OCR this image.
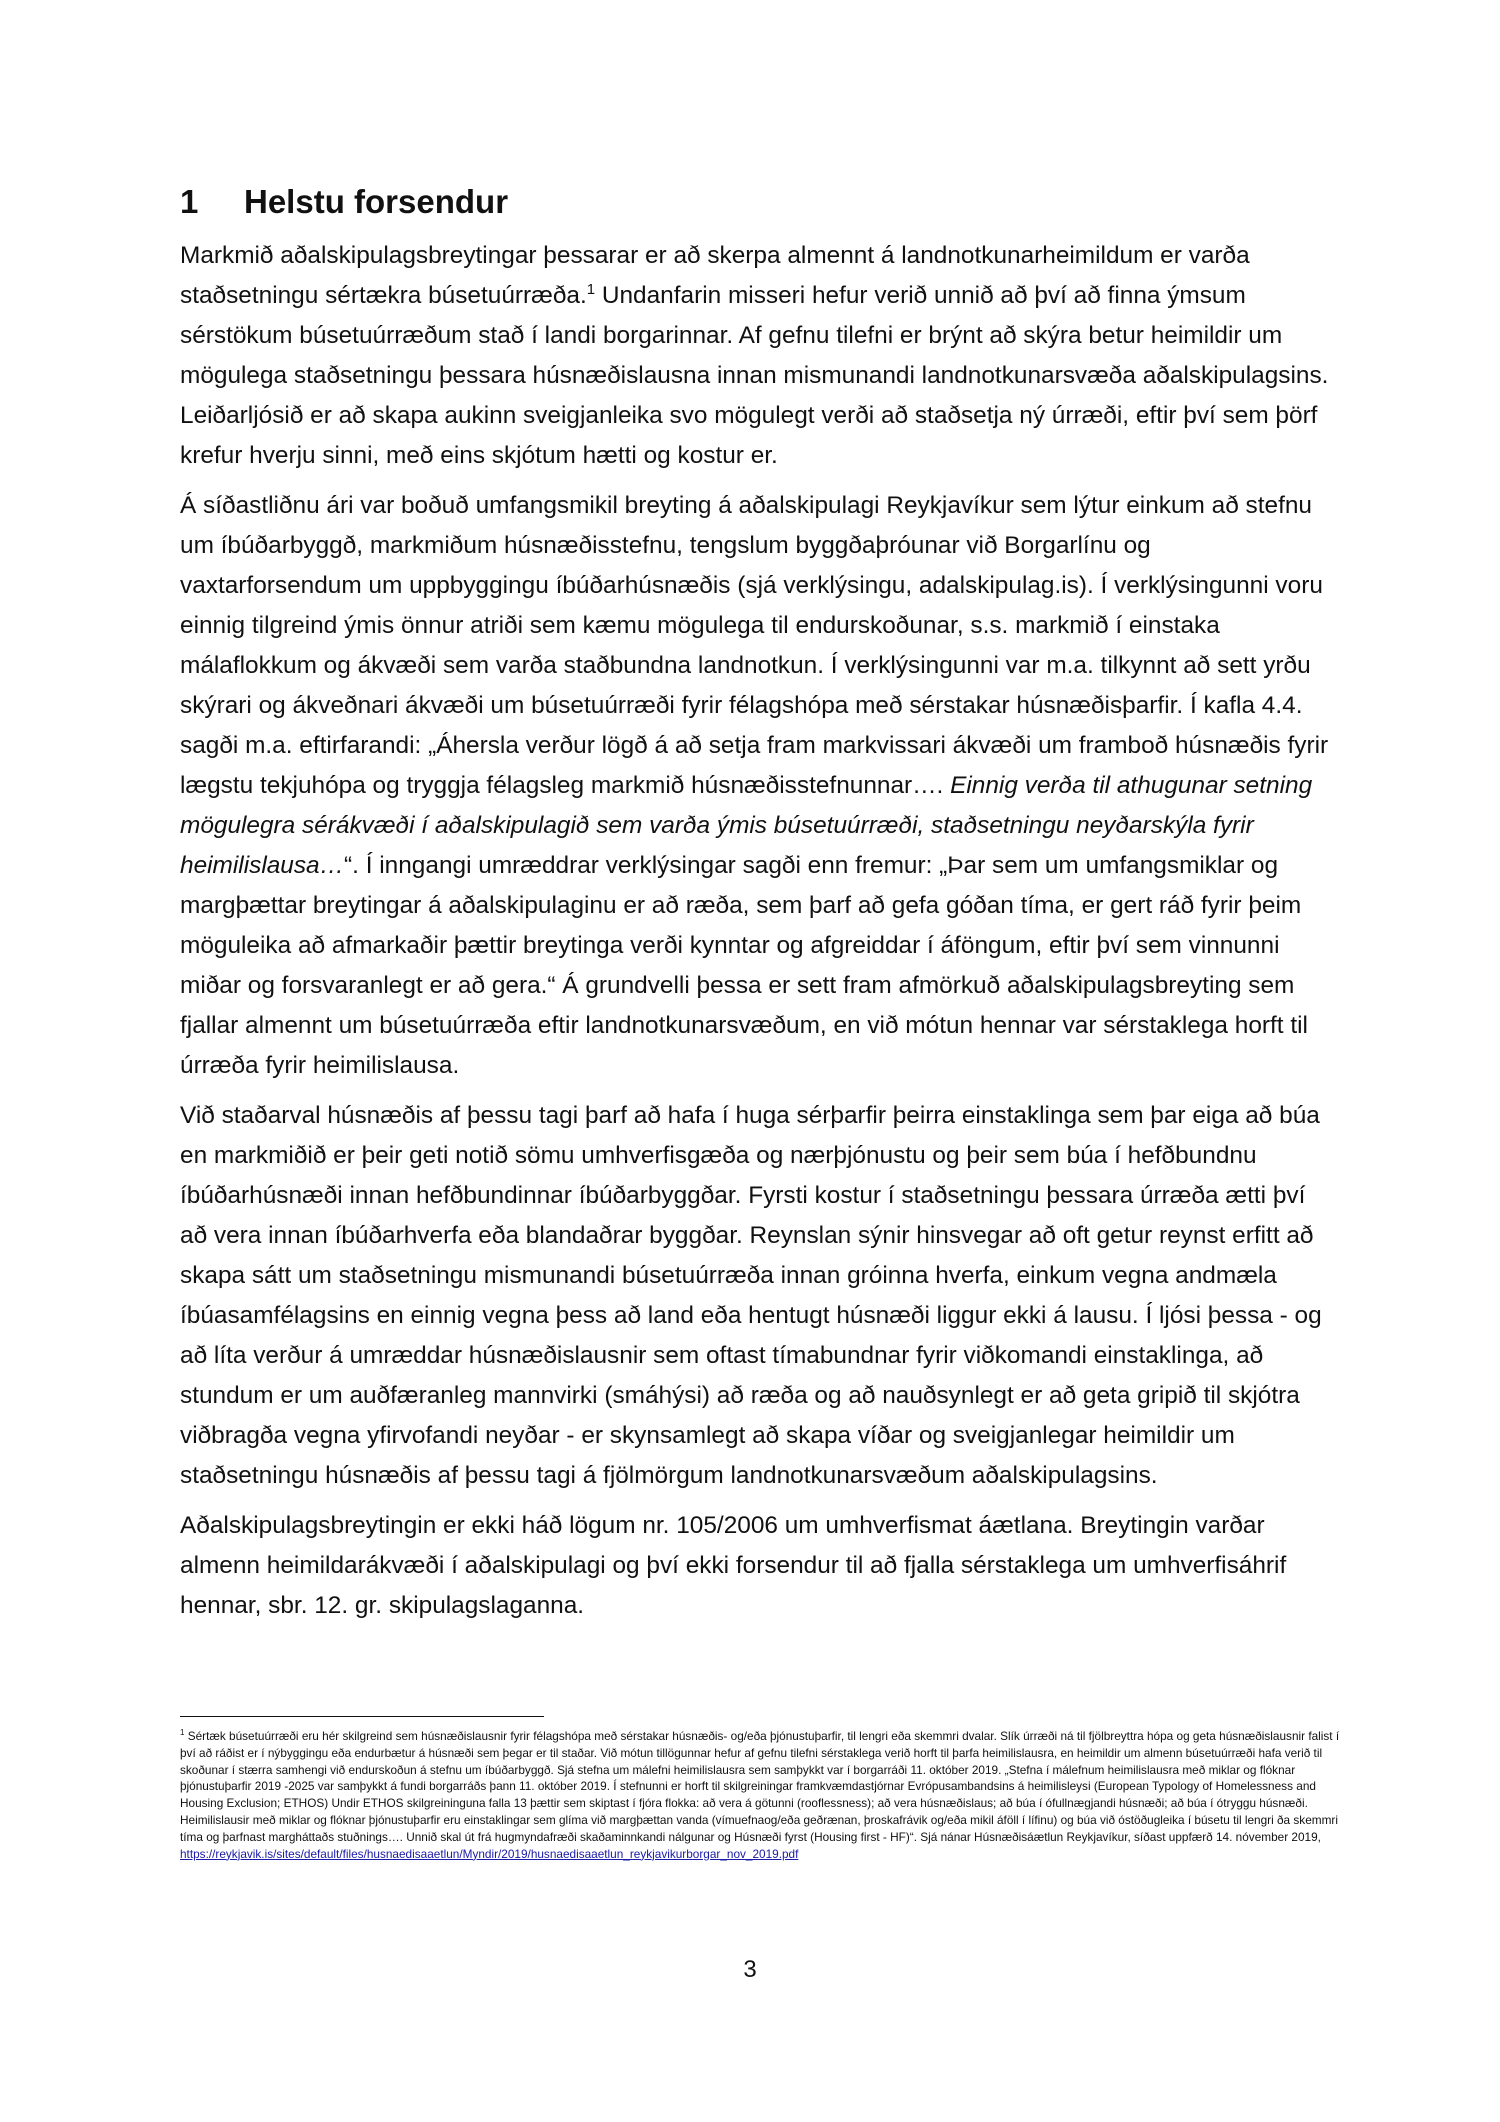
1 Helstu forsendur

Markmið aðalskipulagsbreytingar þessarar er að skerpa almennt á landnotkunarheimildum er varða staðsetningu sértækra búsetuúrræða.$^1$ Undanfarin misseri hefur verið unnið að því að finna ýmsum sérstökum búsetuúrræðum stað í landi borgarinnar. Af gefnu tilefni er brýnt að skýra betur heimildir um mögulega staðsetningu þessara húsnæðislausna innan mismunandi landnotkunarsvæða aðalskipulagsins. Leiðarljósið er að skapa aukinn sveigjanleika svo mögulegt verði að staðsetja ný úrræði, eftir því sem þörf krefur hverju sinni, með eins skjótum hætti og kostur er.

Á síðastliðnu ári var boðuð umfangsmikil breyting á aðalskipulagi Reykjavíkur sem lýtur einkum að stefnu um íbúðarbyggð, markmiðum húsnæðisstefnu, tengslum byggðaþróunar við Borgarlínu og vaxtarforsendum um uppbyggingu íbúðarhúsnæðis (sjá verklýsingu, adalskipulag.is). Í verklýsingunni voru einnig tilgreind ýmis önnur atriði sem kæmu mögulega til endurskoðunar, s.s. markmið í einstaka málaflokkum og ákvæði sem varða staðbundna landnotkun. Í verklýsingunni var m.a. tilkynnt að sett yrðu skýrari og ákveðnari ákvæði um búsetuúrræði fyrir félagshópa með sérstakar húsnæðisþarfir. Í kafla 4.4. sagði m.a. eftirfarandi: „Áhersla verður lögð á að setja fram markvissari ákvæði um framboð húsnæðis fyrir lægstu tekjuhópa og tryggja félagsleg markmið húsnæðisstefnunnar…. Einnig verða til athugunar setning mögulegra sérákvæði í aðalskipulagið sem varða ýmis búsetuúrræði, staðsetningu neyðarskýla fyrir heimilislausa…“. Í inngangi umræddrar verklýsingar sagði enn fremur: „Þar sem um umfangsmiklar og margþættar breytingar á aðalskipulaginu er að ræða, sem þarf að gefa góðan tíma, er gert ráð fyrir þeim möguleika að afmarkaðir þættir breytinga verði kynntar og afgreiddar í áföngum, eftir því sem vinnunni miðar og forsvaranlegt er að gera.“ Á grundvelli þessa er sett fram afmörkuð aðalskipulagsbreyting sem fjallar almennt um búsetuúrræða eftir landnotkunarsvæðum, en við mótun hennar var sérstaklega horft til úrræða fyrir heimilislausa.

Við staðarval húsnæðis af þessu tagi þarf að hafa í huga sérþarfir þeirra einstaklinga sem þar eiga að búa en markmiðið er þeir geti notið sömu umhverfisgæða og nærþjónustu og þeir sem búa í hefðbundnu íbúðarhúsnæði innan hefðbundinnar íbúðarbyggðar. Fyrsti kostur í staðsetningu þessara úrræða ætti því að vera innan íbúðarhverfa eða blandaðrar byggðar. Reynslan sýnir hinsvegar að oft getur reynst erfitt að skapa sátt um staðsetningu mismunandi búsetuúrræða innan gróinna hverfa, einkum vegna andmæla íbúasamfélagsins en einnig vegna þess að land eða hentugt húsnæði liggur ekki á lausu. Í ljósi þessa - og að líta verður á umræddar húsnæðislausnir sem oftast tímabundnar fyrir viðkomandi einstaklinga, að stundum er um auðfæranleg mannvirki (smáhýsi) að ræða og að nauðsynlegt er að geta gripið til skjótra viðbragða vegna yfirvofandi neyðar - er skynsamlegt að skapa víðar og sveigjanlegar heimildir um staðsetningu húsnæðis af þessu tagi á fjölmörgum landnotkunarsvæðum aðalskipulagsins.

Aðalskipulagsbreytingin er ekki háð lögum nr. 105/2006 um umhverfismat áætlana. Breytingin varðar almenn heimildarákvæði í aðalskipulagi og því ekki forsendur til að fjalla sérstaklega um umhverfisáhrif hennar, sbr. 12. gr. skipulagslaganna.

$^1$ Sértæk búsetuúrræði eru hér skilgreind sem húsnæðislausnir fyrir félagshópa með sérstakar húsnæðis- og/eða þjónustuþarfir, til lengri eða skemmri dvalar. Slík úrræði ná til fjölbreyttra hópa og geta húsnæðislausnir falist í því að ráðist er í nýbyggingu eða endurbætur á húsnæði sem þegar er til staðar. Við mótun tillögunnar hefur af gefnu tilefni sérstaklega verið horft til þarfa heimilislausra, en heimildir um almenn búsetuúrræði hafa verið til skoðunar í stærra samhengi við endurskoðun á stefnu um íbúðarbyggð. Sjá stefna um málefni heimilislausra sem samþykkt var í borgarráði 11. október 2019. „Stefna í málefnum heimilislausra með miklar og flóknar þjónustuþarfir 2019 -2025 var samþykkt á fundi borgarráðs þann 11. október 2019. Í stefnunni er horft til skilgreiningar framkvæmdastjórnar Evrópusambandsins á heimilisleysi (European Typology of Homelessness and Housing Exclusion; ETHOS) Undir ETHOS skilgreininguna falla 13 þættir sem skiptast í fjóra flokka: að vera á götunni (rooflessness); að vera húsnæðislaus; að búa í ófullnægjandi húsnæði; að búa í ótryggu húsnæði. Heimilislausir með miklar og flóknar þjónustuþarfir eru einstaklingar sem glíma við margþættan vanda (vímuefnaog/eða geðrænan, þroskafrávik og/eða mikil áföll í lífinu) og búa við óstöðugleika í búsetu til lengri ða skemmri tíma og þarfnast margháttaðs stuðnings…. Unnið skal út frá hugmyndafræði skaðaminnkandi nálgunar og Húsnæði fyrst (Housing first - HF)“. Sjá nánar Húsnæðisáætlun Reykjavíkur, síðast uppfærð 14. nóvember 2019,
https://reykjavik.is/sites/default/files/husnaedisaaetlun/Myndir/2019/husnaedisaaetlun_reykjavikurborgar_nov_2019.pdf
3
